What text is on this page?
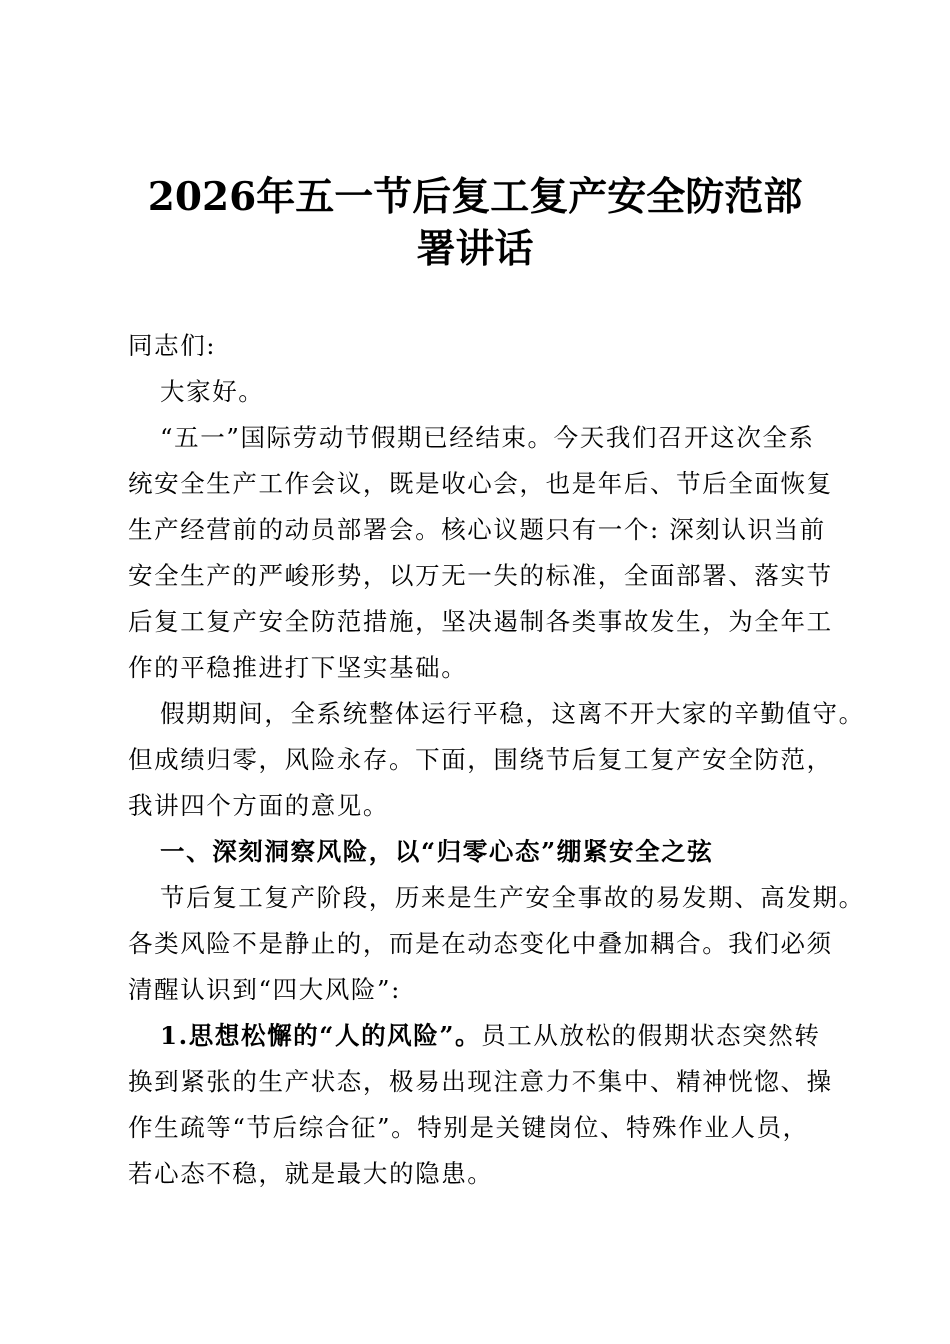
2026年五一节后复工复产安全防范部
署讲话

同志们:

大家好。

“五一”国际劳动节假期已经结束。今天我们召开这次全系

统安全生产工作会议，既是收心会，也是年后、节后全面恢复

生产经营前的动员部署会。核心议题只有一个: 深刻认识当前

安全生产的严峻形势，以万无一失的标准，全面部署、落实节

后复工复产安全防范措施，坚决遏制各类事故发生，为全年工

作的平稳推进打下坚实基础。

假期期间，全系统整体运行平稳，这离不开大家的辛勤值守。

但成绩归零，风险永存。下面，围绕节后复工复产安全防范，

我讲四个方面的意见。

一、深刻洞察风险，以“归零心态”绷紧安全之弦

节后复工复产阶段，历来是生产安全事故的易发期、高发期。

各类风险不是静止的，而是在动态变化中叠加耦合。我们必须

清醒认识到“四大风险”:

1.思想松懈的“人的风险”。员工从放松的假期状态突然转

换到紧张的生产状态，极易出现注意力不集中、精神恍惚、操

作生疏等“节后综合征”。特别是关键岗位、特殊作业人员，

若心态不稳，就是最大的隐患。
